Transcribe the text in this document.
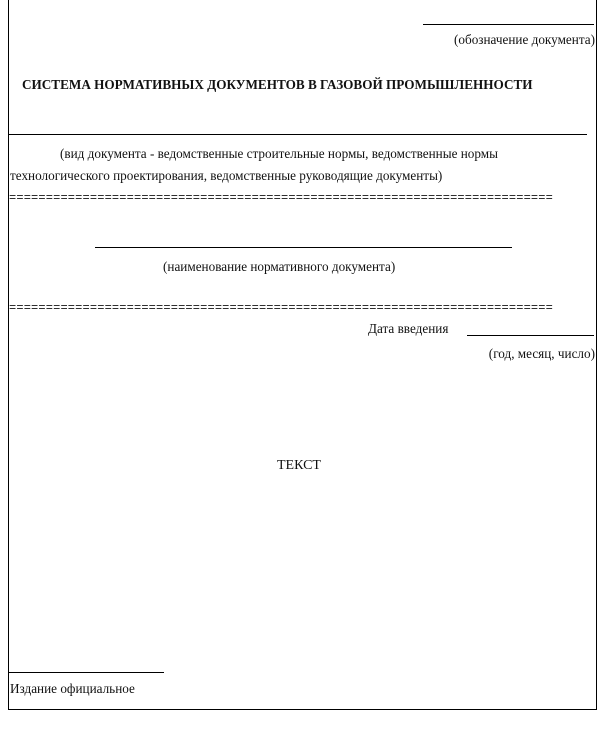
(обозначение документа)
СИСТЕМА НОРМАТИВНЫХ ДОКУМЕНТОВ В ГАЗОВОЙ ПРОМЫШЛЕННОСТИ
(вид документа - ведомственные строительные нормы, ведомственные нормы
технологического проектирования, ведомственные руководящие документы)
==========================================================================
(наименование нормативного документа)
==========================================================================
Дата введения
(год, месяц, число)
ТЕКСТ
Издание официальное
